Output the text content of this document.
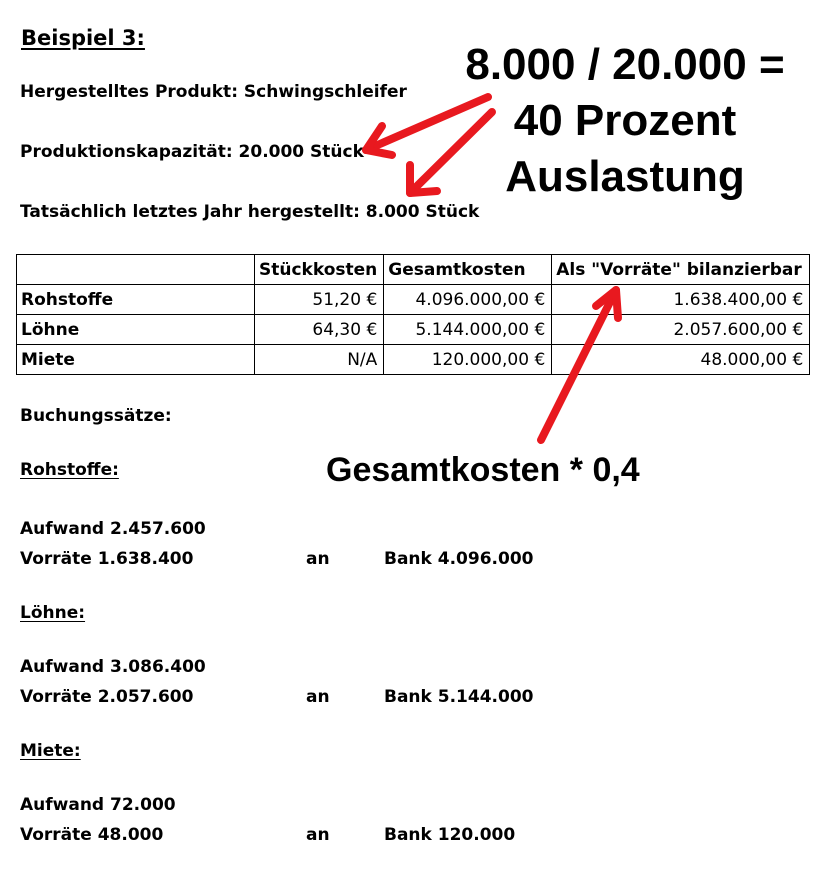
Beispiel 3:
Hergestelltes Produkt: Schwingschleifer
Produktionskapazität: 20.000 Stück
Tatsächlich letztes Jahr hergestellt: 8.000 Stück
8.000 / 20.000 =
40 Prozent
Auslastung
	Stückkosten	Gesamtkosten	Als "Vorräte" bilanzierbar
Rohstoffe	51,20 €	4.096.000,00 €	1.638.400,00 €
Löhne	64,30 €	5.144.000,00 €	2.057.600,00 €
Miete	N/A	120.000,00 €	48.000,00 €
Gesamtkosten * 0,4
Buchungssätze:
Rohstoffe:
Aufwand 2.457.600
Vorräte 1.638.400	an	Bank 4.096.000
Löhne:
Aufwand 3.086.400
Vorräte 2.057.600	an	Bank 5.144.000
Miete:
Aufwand 72.000
Vorräte 48.000	an	Bank 120.000
